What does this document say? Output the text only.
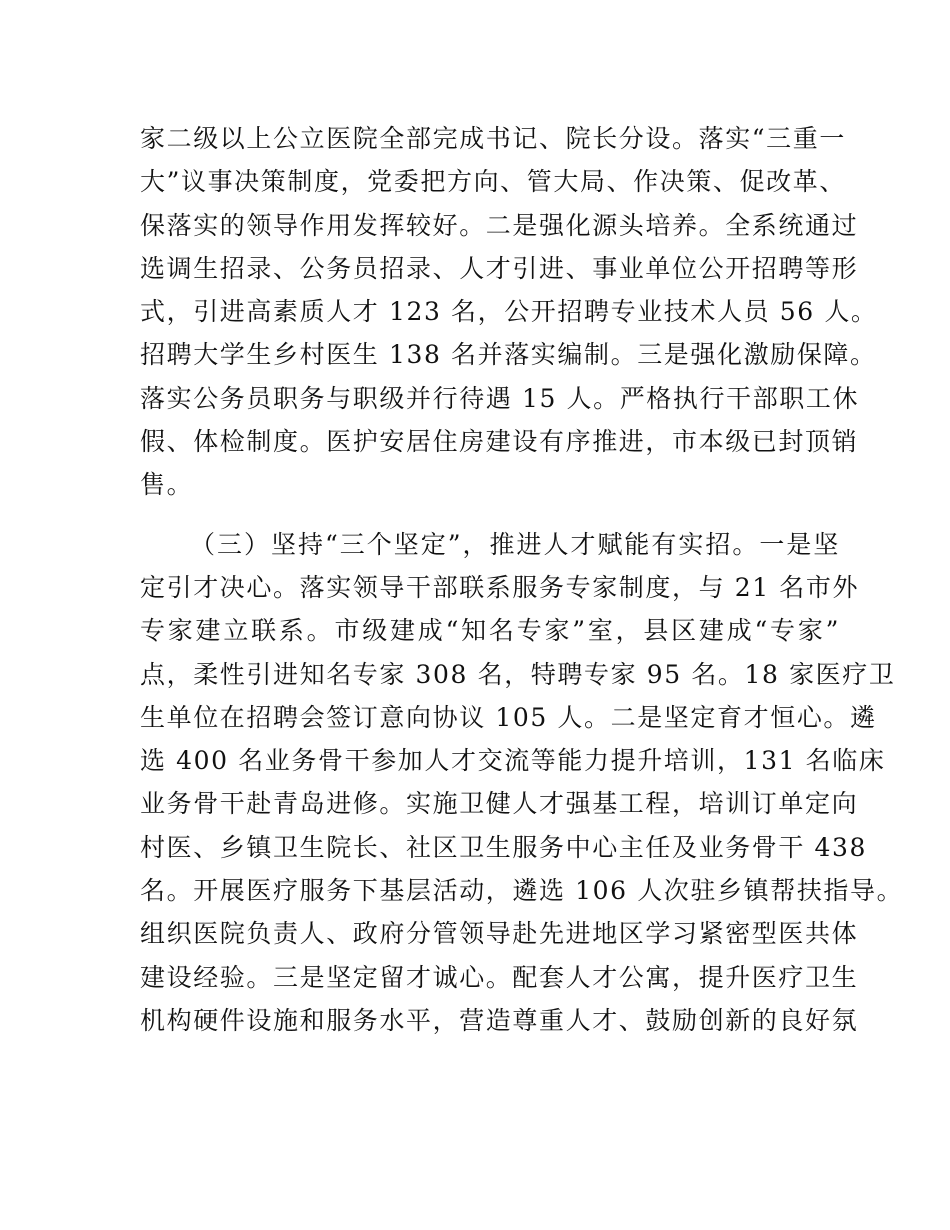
家二级以上公立医院全部完成书记、院长分设。落实“三重一
大”议事决策制度，党委把方向、管大局、作决策、促改革、
保落实的领导作用发挥较好。二是强化源头培养。全系统通过
选调生招录、公务员招录、人才引进、事业单位公开招聘等形
式，引进高素质人才 123 名，公开招聘专业技术人员 56 人。
招聘大学生乡村医生 138 名并落实编制。三是强化激励保障。
落实公务员职务与职级并行待遇 15 人。严格执行干部职工休
假、体检制度。医护安居住房建设有序推进，市本级已封顶销
售。
（三）坚持“三个坚定”，推进人才赋能有实招。一是坚
定引才决心。落实领导干部联系服务专家制度，与 21 名市外
专家建立联系。市级建成“知名专家”室，县区建成“专家”
点，柔性引进知名专家 308 名，特聘专家 95 名。18 家医疗卫
生单位在招聘会签订意向协议 105 人。二是坚定育才恒心。遴
选 400 名业务骨干参加人才交流等能力提升培训，131 名临床
业务骨干赴青岛进修。实施卫健人才强基工程，培训订单定向
村医、乡镇卫生院长、社区卫生服务中心主任及业务骨干 438
名。开展医疗服务下基层活动，遴选 106 人次驻乡镇帮扶指导。
组织医院负责人、政府分管领导赴先进地区学习紧密型医共体
建设经验。三是坚定留才诚心。配套人才公寓，提升医疗卫生
机构硬件设施和服务水平，营造尊重人才、鼓励创新的良好氛
